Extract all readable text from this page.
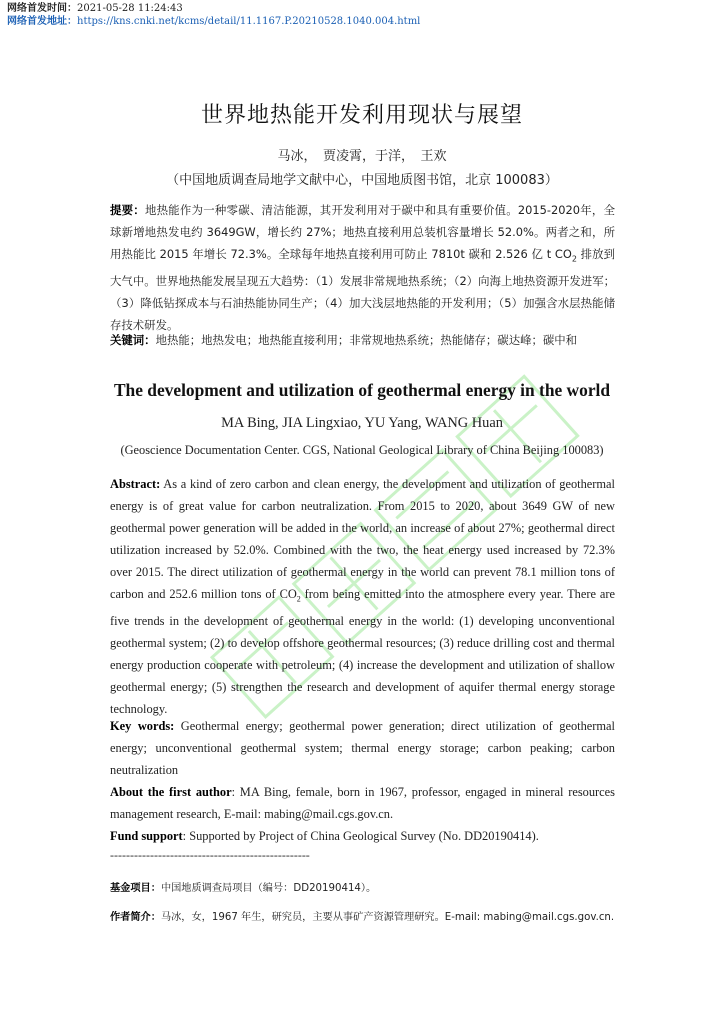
网络首发时间：2021-05-28 11:24:43
网络首发地址：https://kns.cnki.net/kcms/detail/11.1167.P.20210528.1040.004.html
世界地热能开发利用现状与展望
马冰，　贾凌霄，于洋，　王欢
（中国地质调查局地学文献中心，中国地质图书馆，北京 100083）
提要：地热能作为一种零碳、清洁能源，其开发利用对于碳中和具有重要价值。2015-2020年，全球新增地热发电约 3649GW，增长约 27%；地热直接利用总装机容量增长 52.0%。两者之和，所用热能比 2015 年增长 72.3%。全球每年地热直接利用可防止 7810t 碳和 2.526 亿 t $CO_2$ 排放到大气中。世界地热能发展呈现五大趋势：（1）发展非常规地热系统；（2）向海上地热资源开发进军；（3）降低钻探成本与石油热能协同生产；（4）加大浅层地热能的开发利用；（5）加强含水层热能储存技术研发。
关键词：地热能；地热发电；地热能直接利用；非常规地热系统；热能储存；碳达峰；碳中和
The development and utilization of geothermal energy in the world
MA Bing, JIA Lingxiao, YU Yang, WANG Huan
(Geoscience Documentation Center. CGS, National Geological Library of China Beijing 100083)
Abstract: As a kind of zero carbon and clean energy, the development and utilization of geothermal energy is of great value for carbon neutralization. From 2015 to 2020, about 3649 GW of new geothermal power generation will be added in the world, an increase of about 27%; geothermal direct utilization increased by 52.0%. Combined with the two, the heat energy used increased by 72.3% over 2015. The direct utilization of geothermal energy in the world can prevent 78.1 million tons of carbon and 252.6 million tons of $CO_2$ from being emitted into the atmosphere every year. There are five trends in the development of geothermal energy in the world: (1) developing unconventional geothermal system; (2) to develop offshore geothermal resources; (3) reduce drilling cost and thermal energy production cooperate with petroleum; (4) increase the development and utilization of shallow geothermal energy; (5) strengthen the research and development of aquifer thermal energy storage technology.
Key words: Geothermal energy; geothermal power generation; direct utilization of geothermal energy; unconventional geothermal system; thermal energy storage; carbon peaking; carbon neutralization
About the first author: MA Bing, female, born in 1967, professor, engaged in mineral resources management research, E-mail: mabing@mail.cgs.gov.cn.
Fund support: Supported by Project of China Geological Survey (No. DD20190414).
--------------------------------------------------
基金项目：中国地质调查局项目（编号：DD20190414）。
作者简介：马冰，女，1967 年生，研究员，主要从事矿产资源管理研究。E-mail: mabing@mail.cgs.gov.cn.
